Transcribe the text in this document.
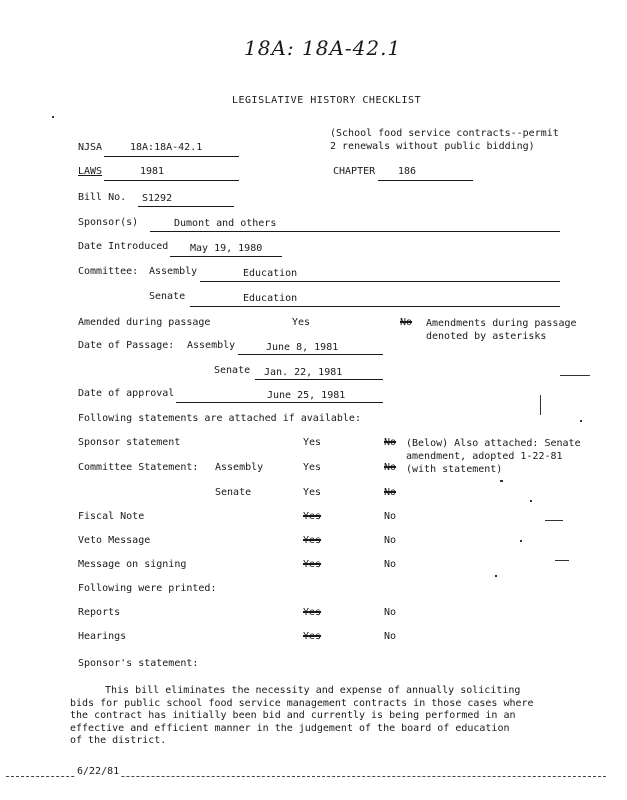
18A: 18A-42.1
LEGISLATIVE HISTORY CHECKLIST
NJSA	18A:18A-42.1
(School food service contracts--permit
2 renewals without public bidding)
LAWS	1981	CHAPTER 186
Bill No. S1292
Sponsor(s)	Dumont and others
Date Introduced May 19, 1980
Committee: Assembly	Education
Senate	Education
Amended during passage	Yes	No Amendments during passage
denoted by asterisks
Date of Passage: Assembly	June 8, 1981
Senate Jan. 22, 1981
Date of approval	June 25, 1981
Following statements are attached if available:
Sponsor statement	Yes	No
Committee Statement: Assembly	Yes	No
Senate	Yes	No
Fiscal Note	Yes	No
Veto Message	Yes	No
Message on signing	Yes	No
(Below) Also attached: Senate
amendment, adopted 1-22-81
(with statement)
Following were printed:
Reports	Yes	No
Hearings	Yes	No
Sponsor's statement:
This bill eliminates the necessity and expense of annually soliciting
bids for public school food service management contracts in those cases where
the contract has initially been bid and currently is being performed in an
effective and efficient manner in the judgement of the board of education
of the district.
6/22/81
